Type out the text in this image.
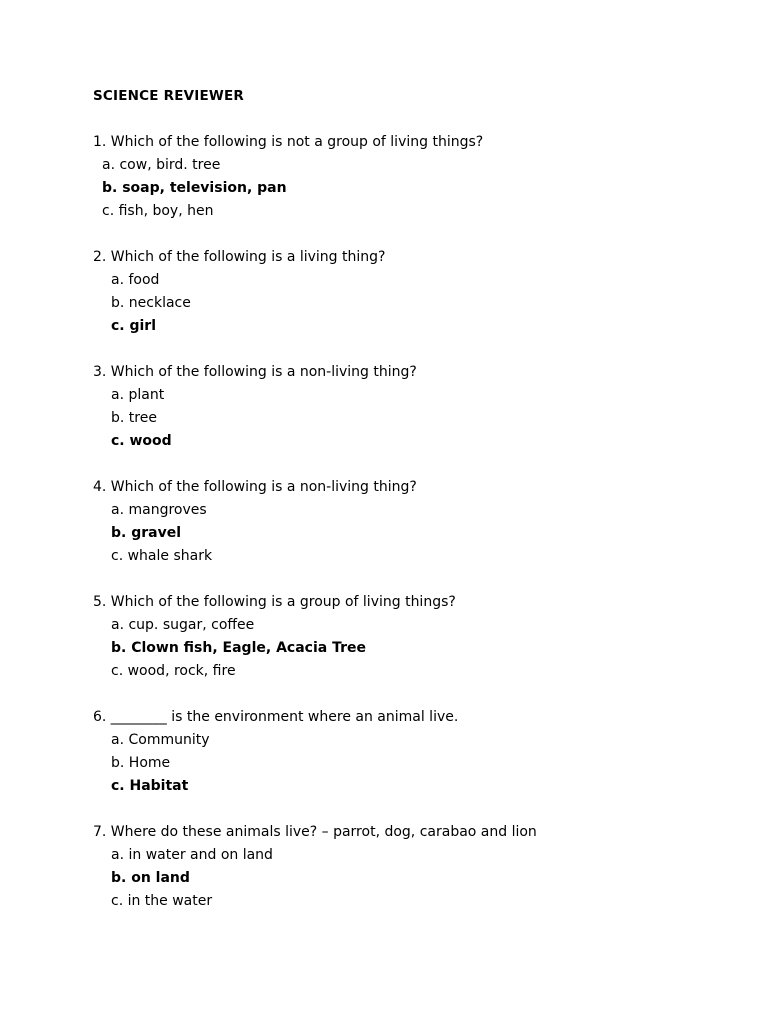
SCIENCE REVIEWER
1. Which of the following is not a group of living things?
a. cow, bird. tree
b. soap, television, pan
c. fish, boy, hen
2. Which of the following is a living thing?
a. food
b. necklace
c. girl
3. Which of the following is a non-living thing?
a. plant
b. tree
c. wood
4. Which of the following is a non-living thing?
a. mangroves
b. gravel
c. whale shark
5. Which of the following is a group of living things?
a. cup. sugar, coffee
b. Clown fish, Eagle, Acacia Tree
c. wood, rock, fire
6. ________ is the environment where an animal live.
a. Community
b. Home
c. Habitat
7. Where do these animals live? – parrot, dog, carabao and lion
a. in water and on land
b. on land
c. in the water
